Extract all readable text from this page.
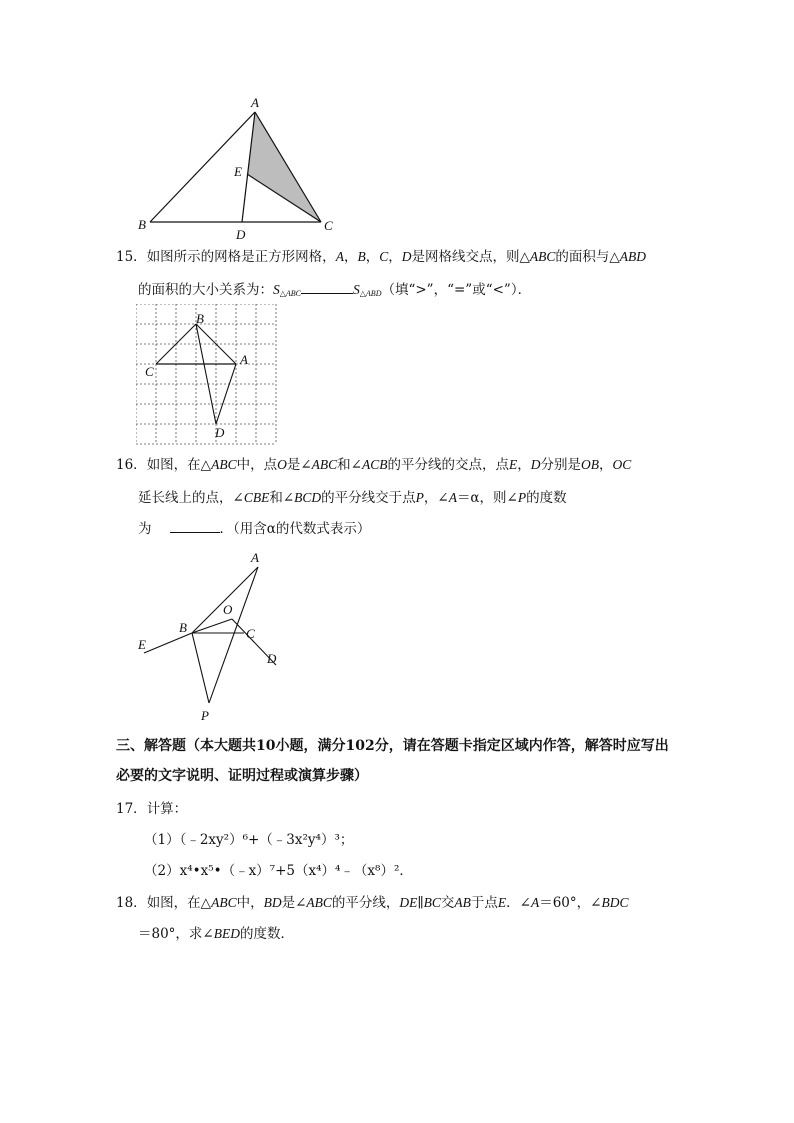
A
B	C
D
E
15．如图所示的网格是正方形网格，A，B，C，D是网格线交点，则△ABC的面积与△ABD
的面积的大小关系为：$S_{\triangle ABC}$	$S_{\triangle ABD}$（填“>”，“=”或“<”）．
B
C
A
D
16．如图，在△ABC中，点O是∠ABC和∠ACB的平分线的交点，点E，D分别是OB，OC
延长线上的点，∠CBE和∠BCD的平分线交于点P，∠A＝α，则∠P的度数
为	．（用含α的代数式表示）
A
O
B	C
E
D
P
三、解答题（本大题共10小题，满分102分，请在答题卡指定区域内作答，解答时应写出
必要的文字说明、证明过程或演算步骤）
17．计算：
（1）（﹣2xy²）⁶+（﹣3x²y⁴）³；
（2）x⁴•x⁵•（﹣x）⁷+5（x⁴）⁴﹣（x⁸）²．
18．如图，在△ABC中，BD是∠ABC的平分线，DE∥BC交AB于点E．∠A＝60°，∠BDC
＝80°，求∠BED的度数．
